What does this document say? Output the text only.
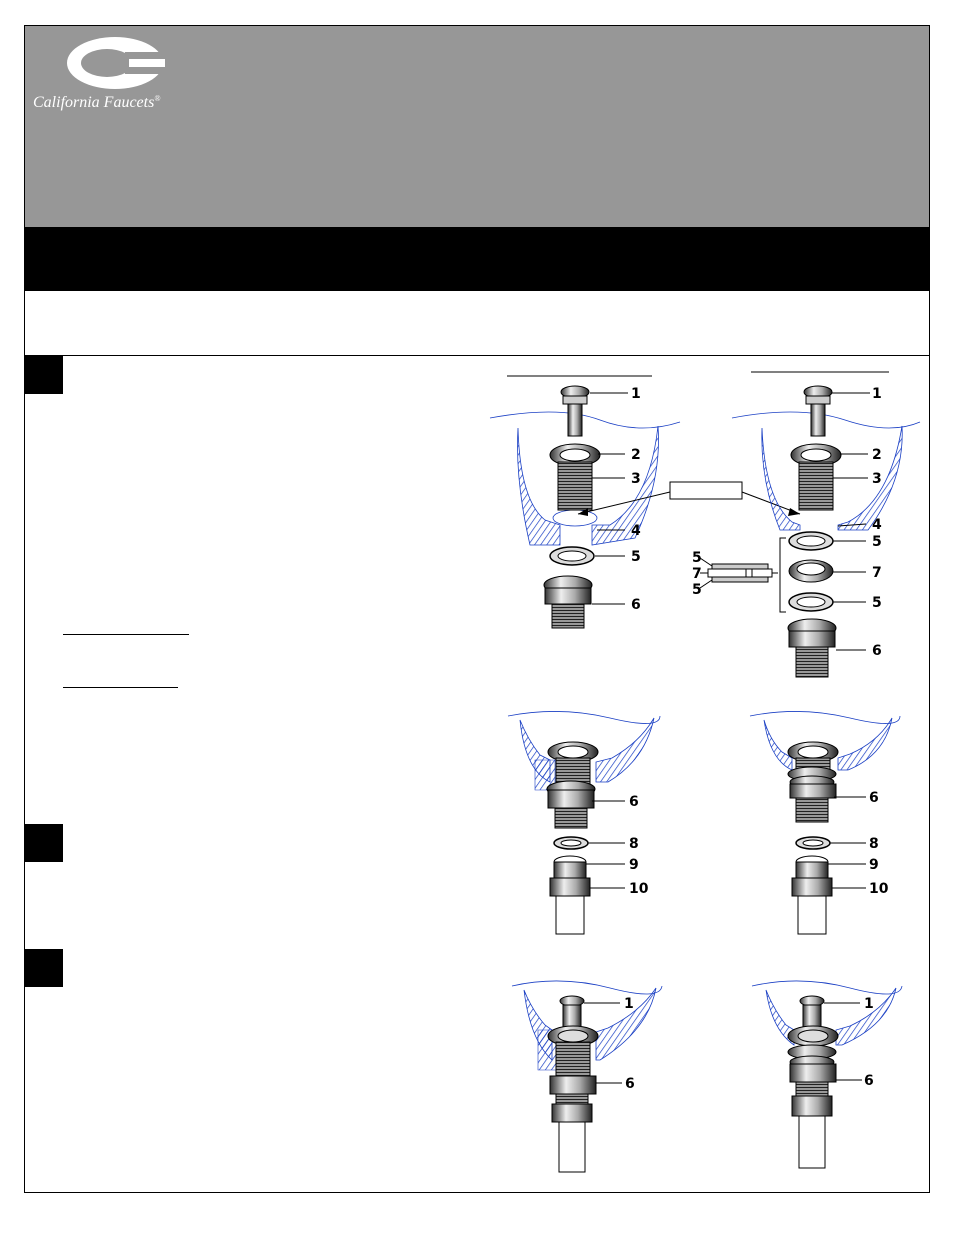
California Faucets®
1
2
3
4
5
6
1
2
3
4
5
7
5
6
5
7
5
6
8
9
10
6
8
9
10
1
6
1
6
